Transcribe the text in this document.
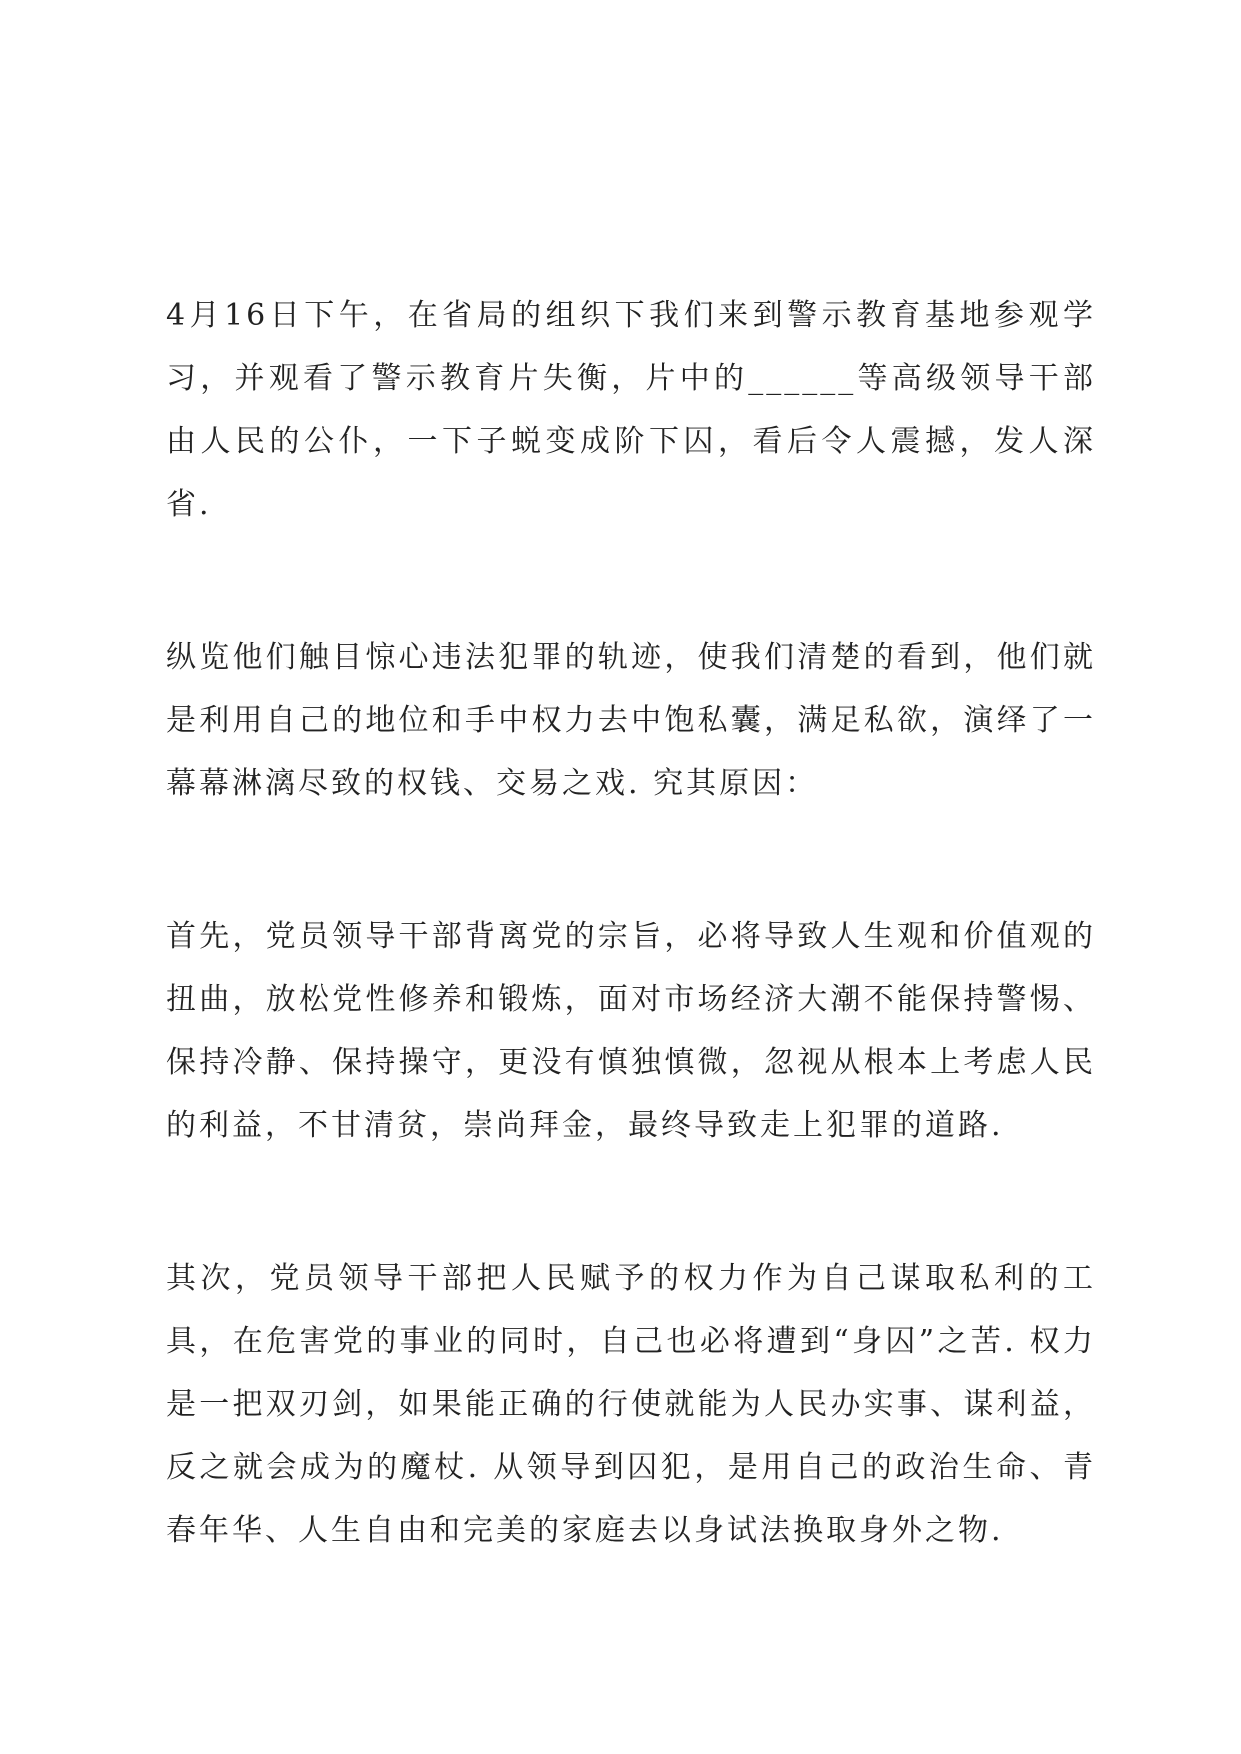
4月16日下午，在省局的组织下我们来到警示教育基地参观学习，并观看了警示教育片失衡，片中的______等高级领导干部由人民的公仆，一下子蜕变成阶下囚，看后令人震撼，发人深省.

纵览他们触目惊心违法犯罪的轨迹，使我们清楚的看到，他们就是利用自己的地位和手中权力去中饱私囊，满足私欲，演绎了一幕幕淋漓尽致的权钱、交易之戏. 究其原因：

首先，党员领导干部背离党的宗旨，必将导致人生观和价值观的扭曲，放松党性修养和锻炼，面对市场经济大潮不能保持警惕、保持冷静、保持操守，更没有慎独慎微，忽视从根本上考虑人民的利益，不甘清贫，崇尚拜金，最终导致走上犯罪的道路.

其次，党员领导干部把人民赋予的权力作为自己谋取私利的工具，在危害党的事业的同时，自己也必将遭到“身囚”之苦. 权力是一把双刃剑，如果能正确的行使就能为人民办实事、谋利益，反之就会成为的魔杖. 从领导到囚犯，是用自己的政治生命、青春年华、人生自由和完美的家庭去以身试法换取身外之物.
